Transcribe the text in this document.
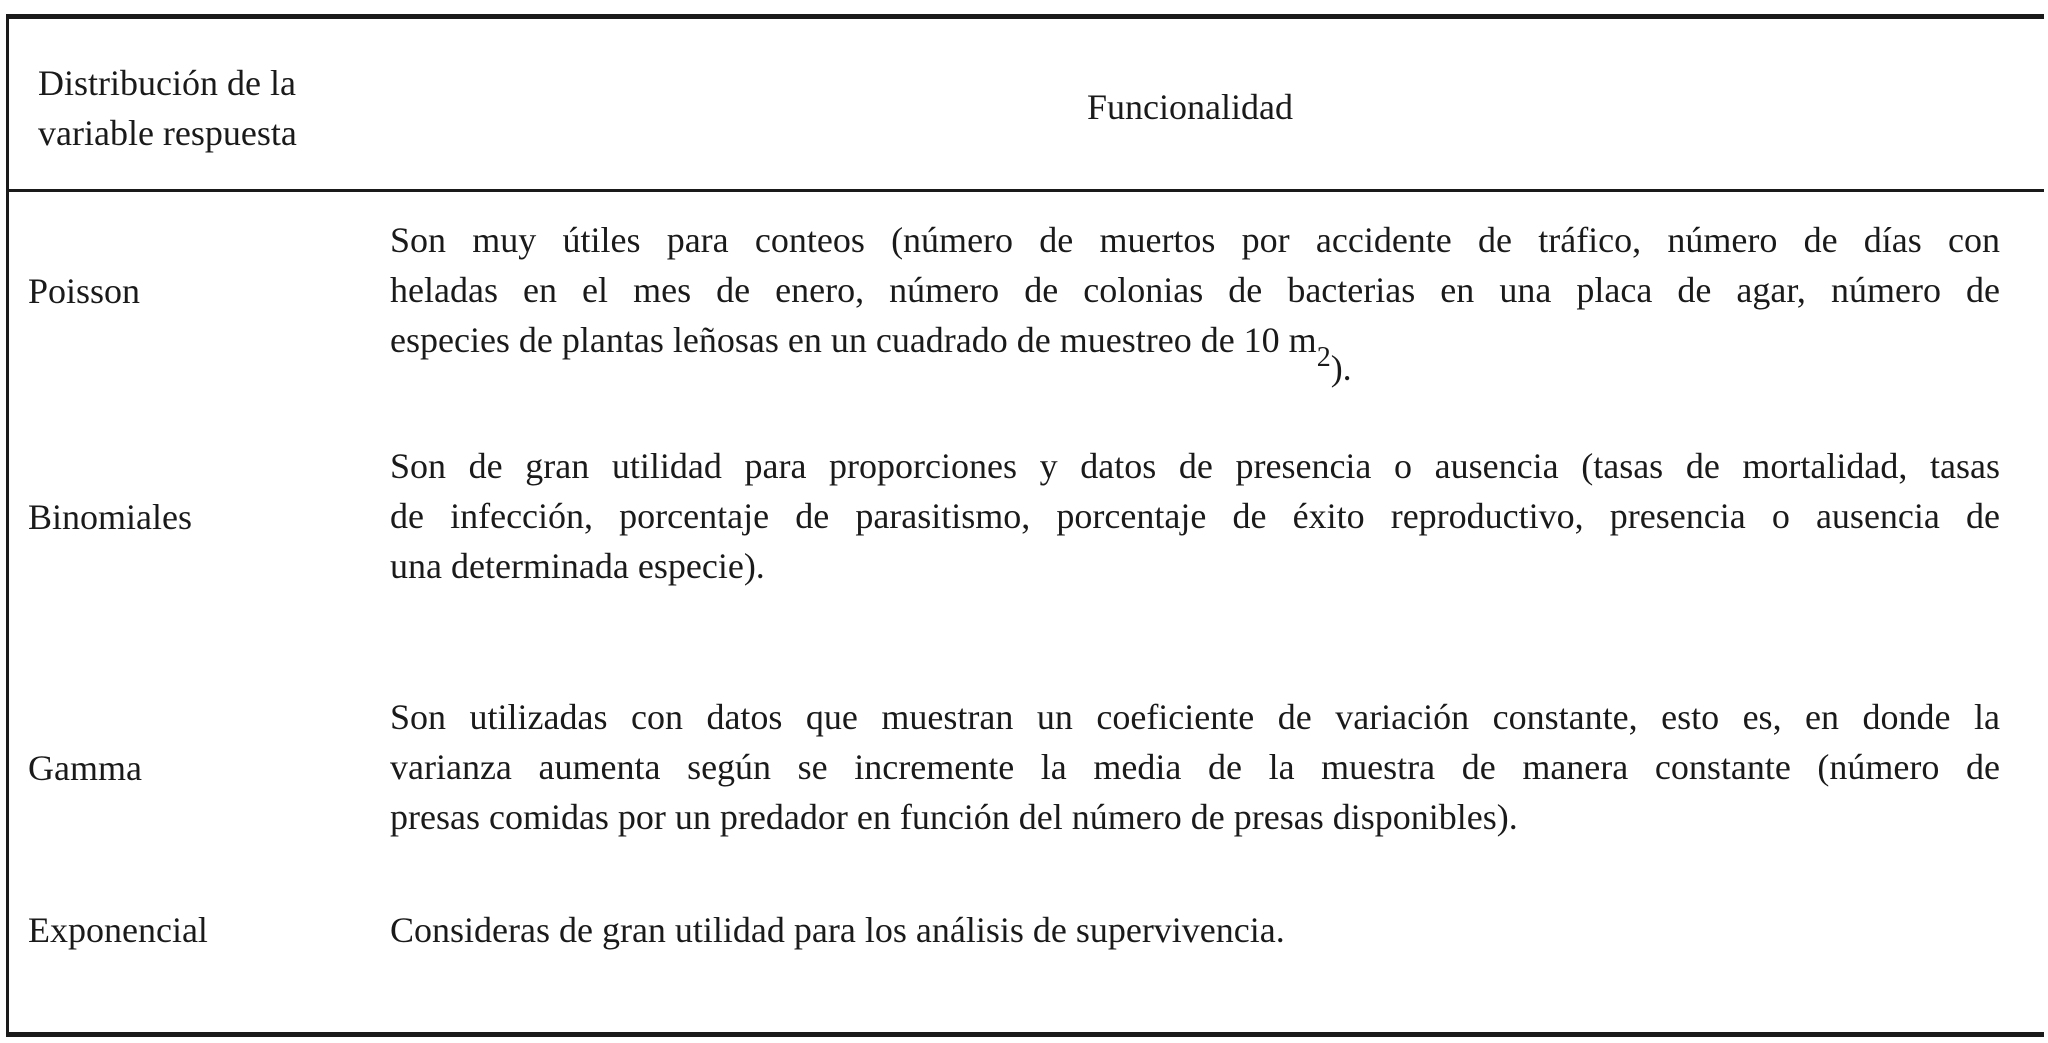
Distribución de la
variable respuesta
Funcionalidad
Poisson
Son muy útiles para conteos (número de muertos por accidente de tráfico, número de días con
heladas en el mes de enero, número de colonias de bacterias en una placa de agar, número de
especies de plantas leñosas en un cuadrado de muestreo de 10 $m_2$).
Binomiales
Son de gran utilidad para proporciones y datos de presencia o ausencia (tasas de mortalidad, tasas
de infección, porcentaje de parasitismo, porcentaje de éxito reproductivo, presencia o ausencia de
una determinada especie).
Gamma
Son utilizadas con datos que muestran un coeficiente de variación constante, esto es, en donde la
varianza aumenta según se incremente la media de la muestra de manera constante (número de
presas comidas por un predador en función del número de presas disponibles).
Exponencial	Consideras de gran utilidad para los análisis de supervivencia.
